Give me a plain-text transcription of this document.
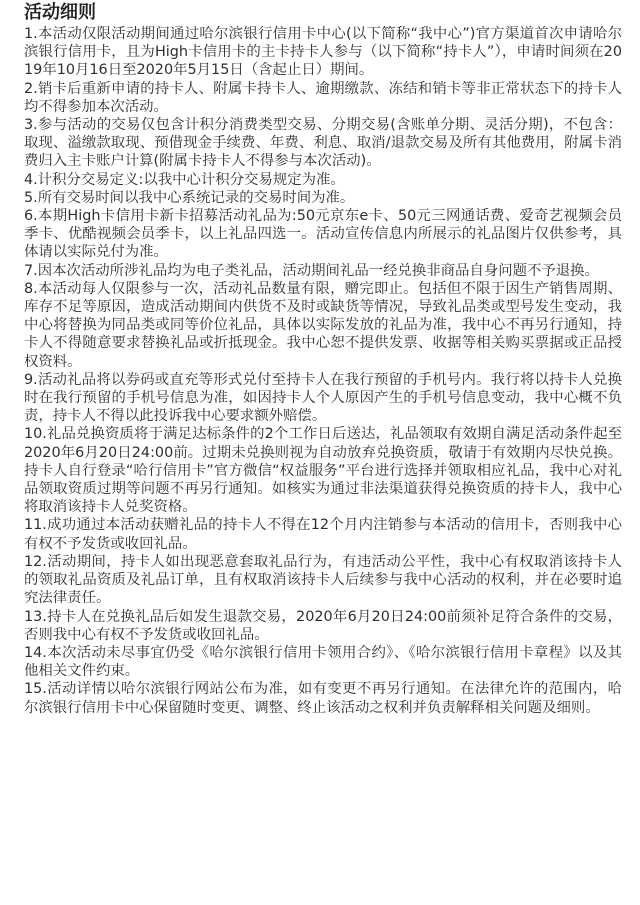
活动细则

1.本活动仅限活动期间通过哈尔滨银行信用卡中心(以下简称“我中心”)官方渠道首次申请哈尔滨银行信用卡，且为High卡信用卡的主卡持卡人参与（以下简称“持卡人”），申请时间须在2019年10月16日至2020年5月15日（含起止日）期间。

2.销卡后重新申请的持卡人、附属卡持卡人、逾期缴款、冻结和销卡等非正常状态下的持卡人均不得参加本次活动。

3.参与活动的交易仅包含计积分消费类型交易、分期交易(含账单分期、灵活分期)，不包含：取现、溢缴款取现、预借现金手续费、年费、利息、取消/退款交易及所有其他费用，附属卡消费归入主卡账户计算(附属卡持卡人不得参与本次活动)。

4.计积分交易定义:以我中心计积分交易规定为准。

5.所有交易时间以我中心系统记录的交易时间为准。

6.本期High卡信用卡新卡招募活动礼品为:50元京东e卡、50元三网通话费、爱奇艺视频会员季卡、优酷视频会员季卡，以上礼品四选一。活动宣传信息内所展示的礼品图片仅供参考，具体请以实际兑付为准。

7.因本次活动所涉礼品均为电子类礼品，活动期间礼品一经兑换非商品自身问题不予退换。

8.本活动每人仅限参与一次，活动礼品数量有限，赠完即止。包括但不限于因生产销售周期、库存不足等原因，造成活动期间内供货不及时或缺货等情况，导致礼品类或型号发生变动，我中心将替换为同品类或同等价位礼品，具体以实际发放的礼品为准，我中心不再另行通知，持卡人不得随意要求替换礼品或折抵现金。我中心恕不提供发票、收据等相关购买票据或正品授权资料。

9.活动礼品将以券码或直充等形式兑付至持卡人在我行预留的手机号内。我行将以持卡人兑换时在我行预留的手机号信息为准，如因持卡人个人原因产生的手机号信息变动，我中心概不负责，持卡人不得以此投诉我中心要求额外赔偿。

10.礼品兑换资质将于满足达标条件的2个工作日后送达，礼品领取有效期自满足活动条件起至2020年6月20日24:00前。过期未兑换则视为自动放弃兑换资质，敬请于有效期内尽快兑换。持卡人自行登录“哈行信用卡”官方微信“权益服务”平台进行选择并领取相应礼品，我中心对礼品领取资质过期等问题不再另行通知。如核实为通过非法渠道获得兑换资质的持卡人，我中心将取消该持卡人兑奖资格。

11.成功通过本活动获赠礼品的持卡人不得在12个月内注销参与本活动的信用卡，否则我中心有权不予发货或收回礼品。

12.活动期间，持卡人如出现恶意套取礼品行为，有违活动公平性，我中心有权取消该持卡人的领取礼品资质及礼品订单，且有权取消该持卡人后续参与我中心活动的权利，并在必要时追究法律责任。

13.持卡人在兑换礼品后如发生退款交易，2020年6月20日24:00前须补足符合条件的交易，否则我中心有权不予发货或收回礼品。

14.本次活动未尽事宜仍受《哈尔滨银行信用卡领用合约》、《哈尔滨银行信用卡章程》以及其他相关文件约束。

15.活动详情以哈尔滨银行网站公布为准，如有变更不再另行通知。在法律允许的范围内，哈尔滨银行信用卡中心保留随时变更、调整、终止该活动之权利并负责解释相关问题及细则。
